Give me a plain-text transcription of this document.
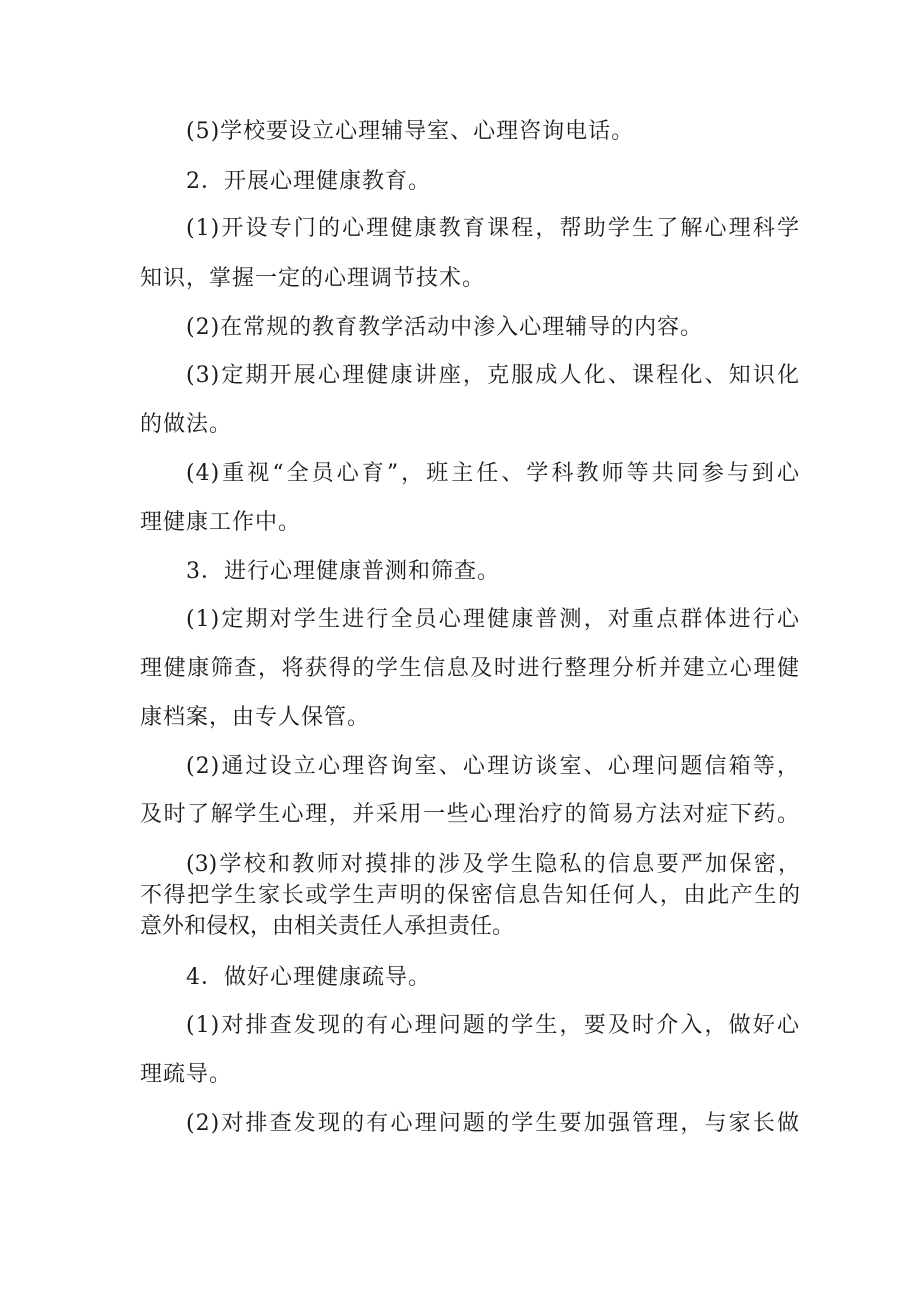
(5)学校要设立心理辅导室、心理咨询电话。
2．开展心理健康教育。
(1)开设专门的心理健康教育课程，帮助学生了解心理科学
知识，掌握一定的心理调节技术。
(2)在常规的教育教学活动中渗入心理辅导的内容。
(3)定期开展心理健康讲座，克服成人化、课程化、知识化
的做法。
(4)重视“全员心育”，班主任、学科教师等共同参与到心
理健康工作中。
3．进行心理健康普测和筛查。
(1)定期对学生进行全员心理健康普测，对重点群体进行心
理健康筛查，将获得的学生信息及时进行整理分析并建立心理健
康档案，由专人保管。
(2)通过设立心理咨询室、心理访谈室、心理问题信箱等，
及时了解学生心理，并采用一些心理治疗的简易方法对症下药。
(3)学校和教师对摸排的涉及学生隐私的信息要严加保密，
不得把学生家长或学生声明的保密信息告知任何人，由此产生的
意外和侵权，由相关责任人承担责任。
4．做好心理健康疏导。
(1)对排查发现的有心理问题的学生，要及时介入，做好心
理疏导。
(2)对排查发现的有心理问题的学生要加强管理，与家长做
